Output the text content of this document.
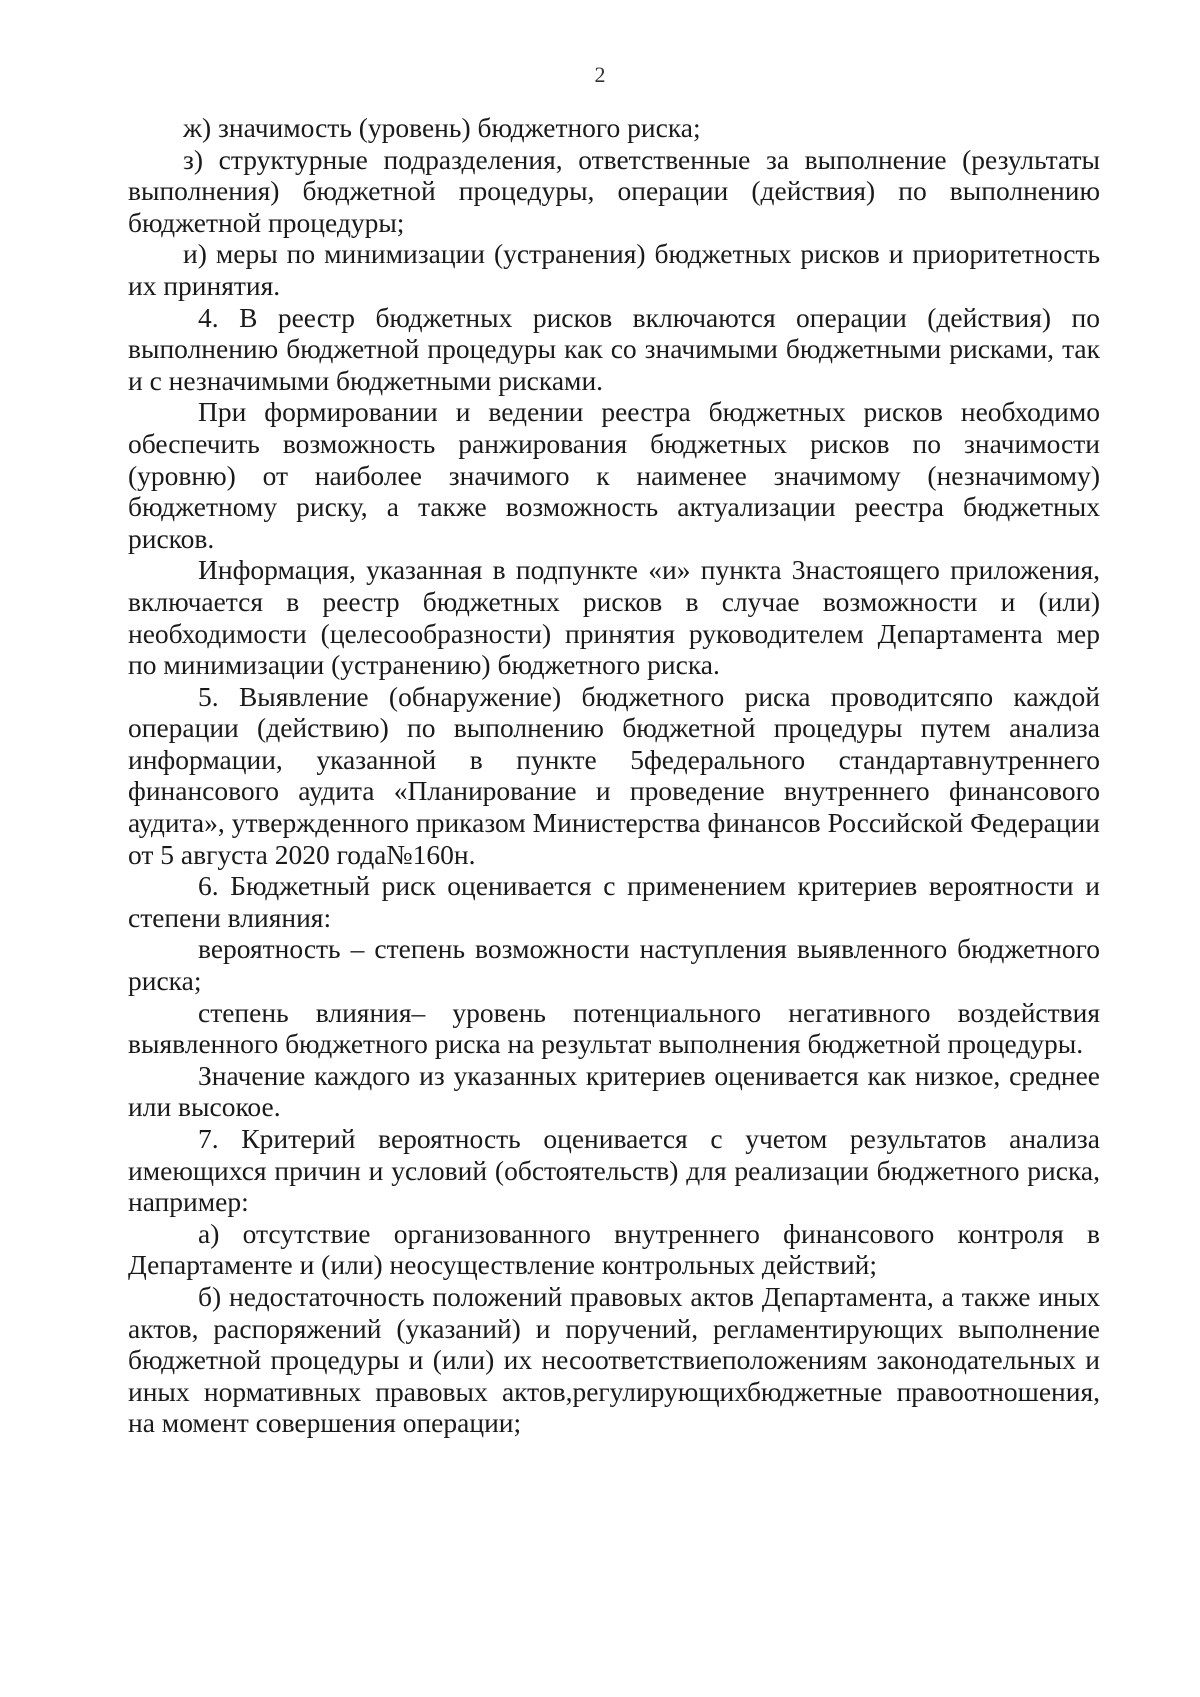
2

ж) значимость (уровень) бюджетного риска;

з) структурные подразделения, ответственные за выполнение (результаты выполнения) бюджетной процедуры, операции (действия) по выполнению бюджетной процедуры;

и) меры по минимизации (устранения) бюджетных рисков и приоритетность их принятия.

4. В реестр бюджетных рисков включаются операции (действия) по выполнению бюджетной процедуры как со значимыми бюджетными рисками, так и с незначимыми бюджетными рисками.

При формировании и ведении реестра бюджетных рисков необходимо обеспечить возможность ранжирования бюджетных рисков по значимости (уровню) от наиболее значимого к наименее значимому (незначимому) бюджетному риску, а также возможность актуализации реестра бюджетных рисков.

Информация, указанная в подпункте «и» пункта 3настоящего приложения, включается в реестр бюджетных рисков в случае возможности и (или) необходимости (целесообразности) принятия руководителем Департамента мер по минимизации (устранению) бюджетного риска.

5. Выявление (обнаружение) бюджетного риска проводитсяпо каждой операции (действию) по выполнению бюджетной процедуры путем анализа информации, указанной в пункте 5федерального стандартавнутреннего финансового аудита «Планирование и проведение внутреннего финансового аудита», утвержденного приказом Министерства финансов Российской Федерации от 5 августа 2020 года№160н.

6. Бюджетный риск оценивается с применением критериев вероятности и степени влияния:

вероятность – степень возможности наступления выявленного бюджетного риска;

степень влияния– уровень потенциального негативного воздействия выявленного бюджетного риска на результат выполнения бюджетной процедуры.

Значение каждого из указанных критериев оценивается как низкое, среднее или высокое.

7. Критерий вероятность оценивается с учетом результатов анализа имеющихся причин и условий (обстоятельств) для реализации бюджетного риска, например:

а) отсутствие организованного внутреннего финансового контроля в Департаменте и (или) неосуществление контрольных действий;

б) недостаточность положений правовых актов Департамента, а также иных актов, распоряжений (указаний) и поручений, регламентирующих выполнение бюджетной процедуры и (или) их несоответствиеположениям законодательных и иных нормативных правовых актов,регулирующихбюджетные правоотношения, на момент совершения операции;
